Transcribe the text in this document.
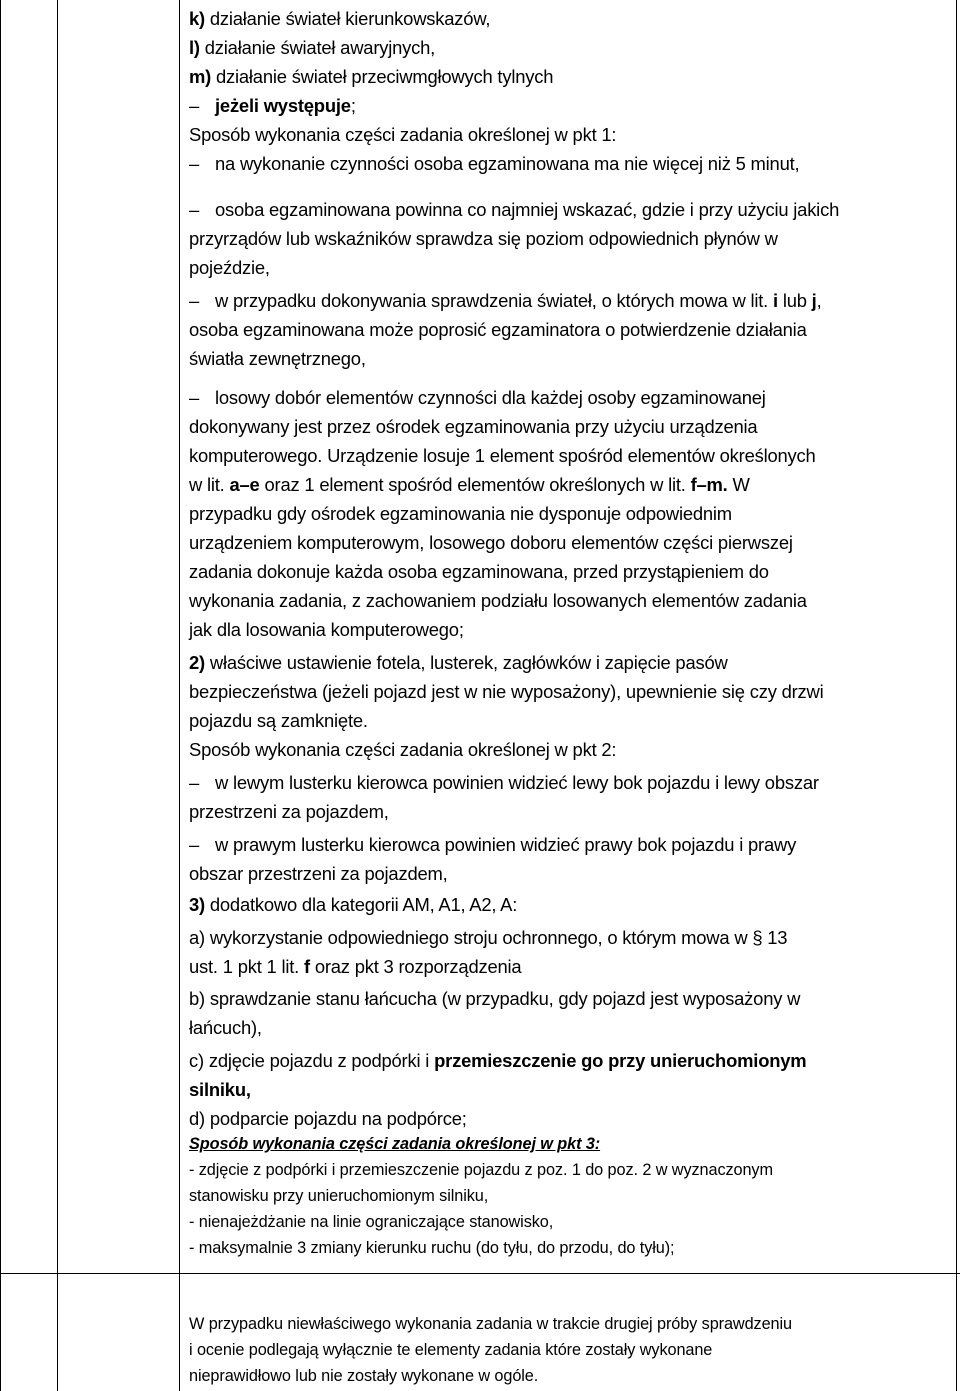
k) działanie świateł kierunkowskazów,
l) działanie świateł awaryjnych,
m) działanie świateł przeciwmgłowych tylnych
– jeżeli występuje;
Sposób wykonania części zadania określonej w pkt 1:
– na wykonanie czynności osoba egzaminowana ma nie więcej niż 5 minut,
– osoba egzaminowana powinna co najmniej wskazać, gdzie i przy użyciu jakich
przyrządów lub wskaźników sprawdza się poziom odpowiednich płynów w
pojeździe,
– w przypadku dokonywania sprawdzenia świateł, o których mowa w lit. i lub j,
osoba egzaminowana może poprosić egzaminatora o potwierdzenie działania
światła zewnętrznego,
– losowy dobór elementów czynności dla każdej osoby egzaminowanej
dokonywany jest przez ośrodek egzaminowania przy użyciu urządzenia
komputerowego. Urządzenie losuje 1 element spośród elementów określonych
w lit. a–e oraz 1 element spośród elementów określonych w lit. f–m. W
przypadku gdy ośrodek egzaminowania nie dysponuje odpowiednim
urządzeniem komputerowym, losowego doboru elementów części pierwszej
zadania dokonuje każda osoba egzaminowana, przed przystąpieniem do
wykonania zadania, z zachowaniem podziału losowanych elementów zadania
jak dla losowania komputerowego;
2) właściwe ustawienie fotela, lusterek, zagłówków i zapięcie pasów
bezpieczeństwa (jeżeli pojazd jest w nie wyposażony), upewnienie się czy drzwi
pojazdu są zamknięte.
Sposób wykonania części zadania określonej w pkt 2:
– w lewym lusterku kierowca powinien widzieć lewy bok pojazdu i lewy obszar
przestrzeni za pojazdem,
– w prawym lusterku kierowca powinien widzieć prawy bok pojazdu i prawy
obszar przestrzeni za pojazdem,
3) dodatkowo dla kategorii AM, A1, A2, A:
a) wykorzystanie odpowiedniego stroju ochronnego, o którym mowa w § 13
ust. 1 pkt 1 lit. f oraz pkt 3 rozporządzenia
b) sprawdzanie stanu łańcucha (w przypadku, gdy pojazd jest wyposażony w
łańcuch),
c) zdjęcie pojazdu z podpórki i przemieszczenie go przy unieruchomionym
silniku,
d) podparcie pojazdu na podpórce;
Sposób wykonania części zadania określonej w pkt 3:
- zdjęcie z podpórki i przemieszczenie pojazdu z poz. 1 do poz. 2 w wyznaczonym
stanowisku przy unieruchomionym silniku,
- nienajeżdżanie na linie ograniczające stanowisko,
- maksymalnie 3 zmiany kierunku ruchu (do tyłu, do przodu, do tyłu);
W przypadku niewłaściwego wykonania zadania w trakcie drugiej próby sprawdzeniu
i ocenie podlegają wyłącznie te elementy zadania które zostały wykonane
nieprawidłowo lub nie zostały wykonane w ogóle.
